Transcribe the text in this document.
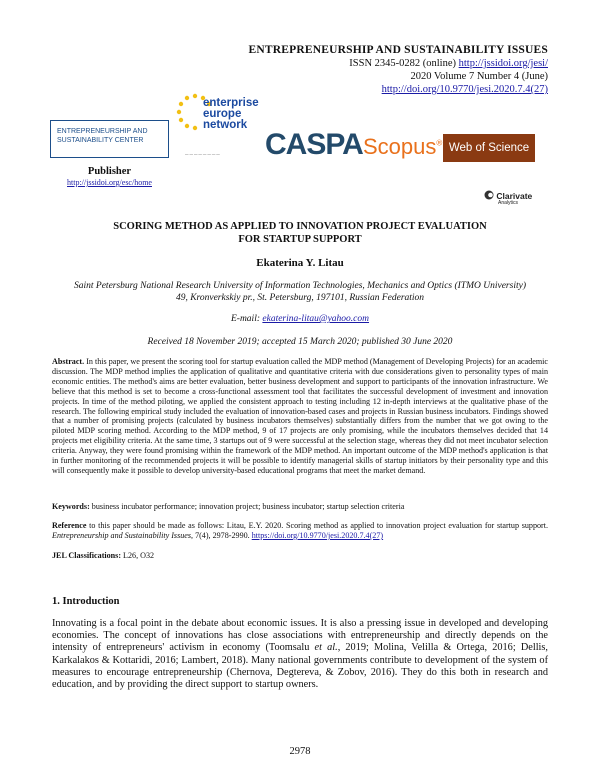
ENTREPRENEURSHIP AND SUSTAINABILITY ISSUES
ISSN 2345-0282 (online) http://jssidoi.org/jesi/
2020 Volume 7 Number 4 (June)
http://doi.org/10.9770/jesi.2020.7.4(27)
ENTREPRENEURSHIP AND
SUSTAINABILITY CENTER
Publisher
http://jssidoi.org/esc/home
enterprise
europe
network
— — — — — — — — CASPA Scopus® Web of Science
Clarivate
Analytics
SCORING METHOD AS APPLIED TO INNOVATION PROJECT EVALUATION
FOR STARTUP SUPPORT
Ekaterina Y. Litau
Saint Petersburg National Research University of Information Technologies, Mechanics and Optics (ITMO University)
49, Kronverkskiy pr., St. Petersburg, 197101, Russian Federation
E-mail: ekaterina-litau@yahoo.com
Received 18 November 2019; accepted 15 March 2020; published 30 June 2020
Abstract. In this paper, we present the scoring tool for startup evaluation called the MDP method (Management of Developing Projects) for an academic discussion. The MDP method implies the application of qualitative and quantitative criteria with due considerations given to personality types of main economic entities. The method's aims are better evaluation, better business development and support to participants of the innovation infrastructure. We believe that this method is set to become a cross-functional assessment tool that facilitates the successful development of investment and innovation projects. In time of the method piloting, we applied the consistent approach to testing including 12 in-depth interviews at the qualitative phase of the research. The following empirical study included the evaluation of innovation-based cases and projects in Russian business incubators. Findings showed that a number of promising projects (calculated by business incubators themselves) substantially differs from the number that we got owing to the piloted MDP scoring method. According to the MDP method, 9 of 17 projects are only promising, while the incubators themselves decided that 14 projects met eligibility criteria. At the same time, 3 startups out of 9 were successful at the selection stage, whereas they did not meet incubator selection criteria. Anyway, they were found promising within the framework of the MDP method. An important outcome of the MDP method's application is that in further monitoring of the recommended projects it will be possible to identify managerial skills of startup initiators by their personality type and this will consequently make it possible to develop university-based educational programs that meet the market demand.
Keywords: business incubator performance; innovation project; business incubator; startup selection criteria
Reference to this paper should be made as follows: Litau, E.Y. 2020. Scoring method as applied to innovation project evaluation for startup support. Entrepreneurship and Sustainability Issues, 7(4), 2978-2990. https://doi.org/10.9770/jesi.2020.7.4(27)
JEL Classifications: L26, O32
1. Introduction
Innovating is a focal point in the debate about economic issues. It is also a pressing issue in developed and developing economies. The concept of innovations has close associations with entrepreneurship and directly depends on the intensity of entrepreneurs' activism in economy (Toomsalu et al., 2019; Molina, Velilla & Ortega, 2016; Dellis, Karkalakos & Kottaridi, 2016; Lambert, 2018). Many national governments contribute to development of the system of measures to encourage entrepreneurship (Chernova, Degtereva, & Zobov, 2016). They do this both in research and education, and by providing the direct support to startup owners.
2978
